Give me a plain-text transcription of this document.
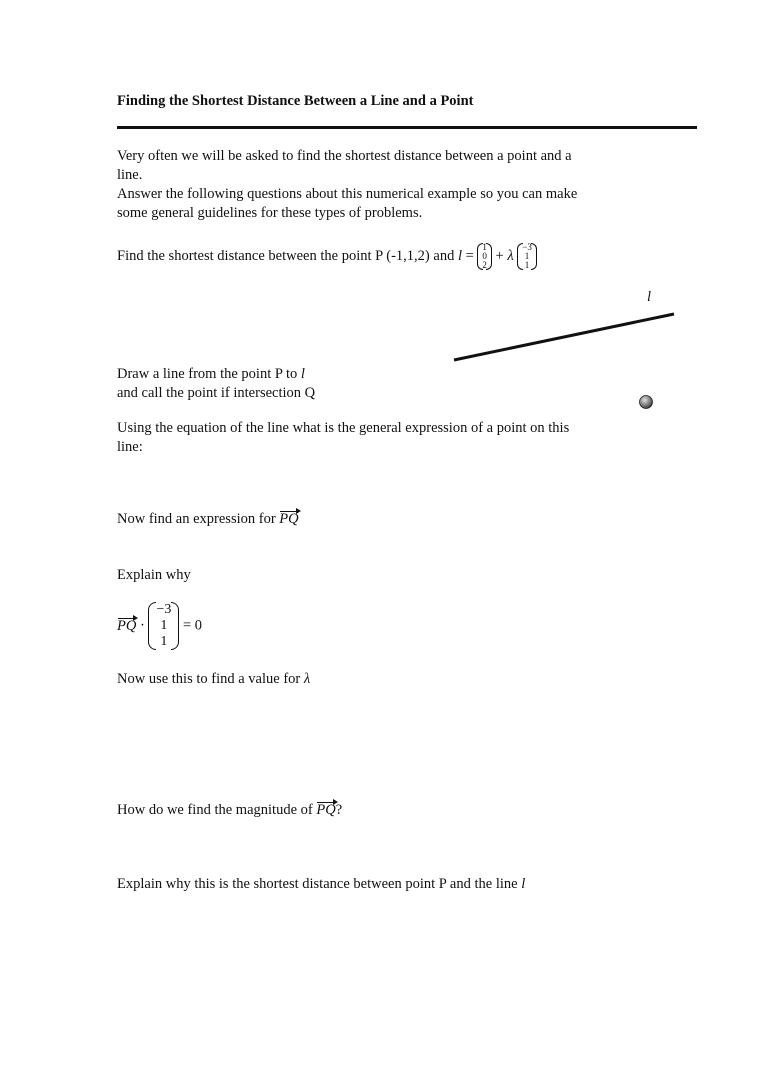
Finding the Shortest Distance Between a Line and a Point
Very often we will be asked to find the shortest distance between a point and a
line.
Answer the following questions about this numerical example so you can make
some general guidelines for these types of problems.
Find the shortest distance between the point P (-1,1,2) and l =
1
0
2
+ λ
−3
1
1
l
Draw a line from the point P to l
and call the point if intersection Q
Using the equation of the line what is the general expression of a point on this
line:
Now find an expression for PQ
Explain why
PQ ·
−3
1
1
= 0
Now use this to find a value for λ
How do we find the magnitude of PQ?
Explain why this is the shortest distance between point P and the line l
